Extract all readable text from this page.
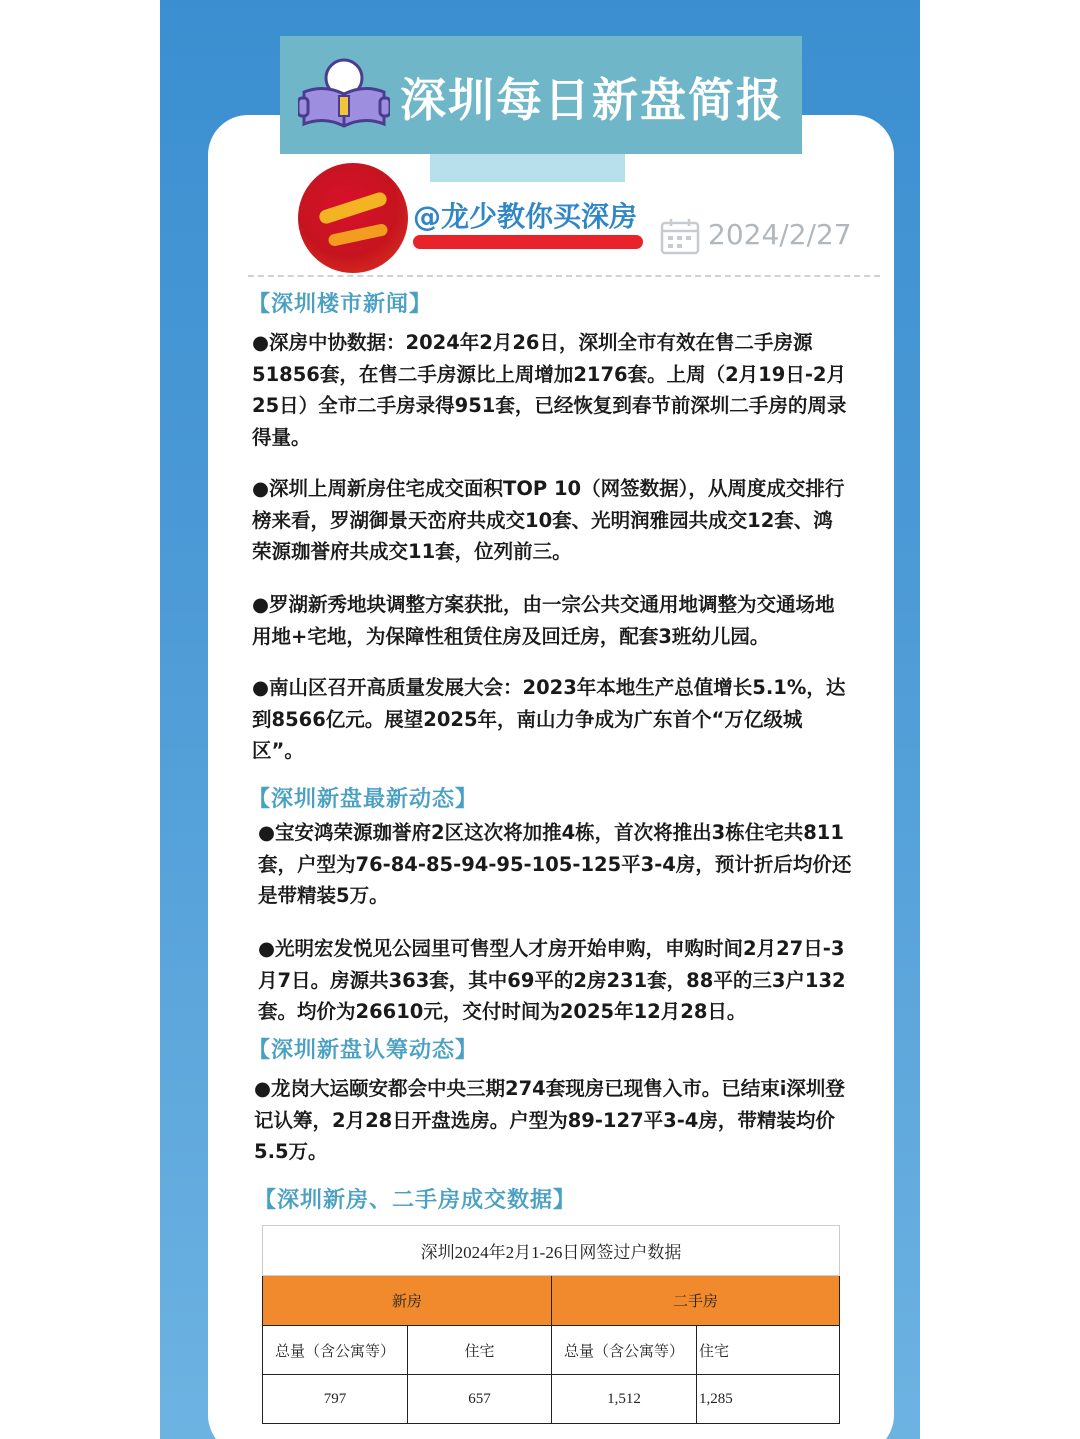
@龙少教你买深房
2024/2/27
【深圳楼市新闻】
●深房中协数据：2024年2月26日，深圳全市有效在售二手房源51856套，在售二手房源比上周增加2176套。上周（2月19日-2月25日）全市二手房录得951套，已经恢复到春节前深圳二手房的周录得量。
●深圳上周新房住宅成交面积TOP 10（网签数据），从周度成交排行榜来看，罗湖御景天峦府共成交10套、光明润雅园共成交12套、鸿荣源珈誉府共成交11套，位列前三。
●罗湖新秀地块调整方案获批，由一宗公共交通用地调整为交通场地用地+宅地，为保障性租赁住房及回迁房，配套3班幼儿园。
●南山区召开高质量发展大会：2023年本地生产总值增长5.1%，达到8566亿元。展望2025年，南山力争成为广东首个“万亿级城区”。
【深圳新盘最新动态】
●宝安鸿荣源珈誉府2区这次将加推4栋，首次将推出3栋住宅共811套，户型为76-84-85-94-95-105-125平3-4房，预计折后均价还是带精装5万。
●光明宏发悦见公园里可售型人才房开始申购，申购时间2月27日-3月7日。房源共363套，其中69平的2房231套，88平的三3户132套。均价为26610元，交付时间为2025年12月28日。
【深圳新盘认筹动态】
●龙岗大运颐安都会中央三期274套现房已现售入市。已结束i深圳登记认筹，2月28日开盘选房。户型为89-127平3-4房，带精装均价5.5万。
【深圳新房、二手房成交数据】
深圳2024年2月1-26日网签过户数据			
新房		二手房	
总量（含公寓等）	住宅	总量（含公寓等）	住宅
797	657	1,512	1,285
深圳每日新盘简报
